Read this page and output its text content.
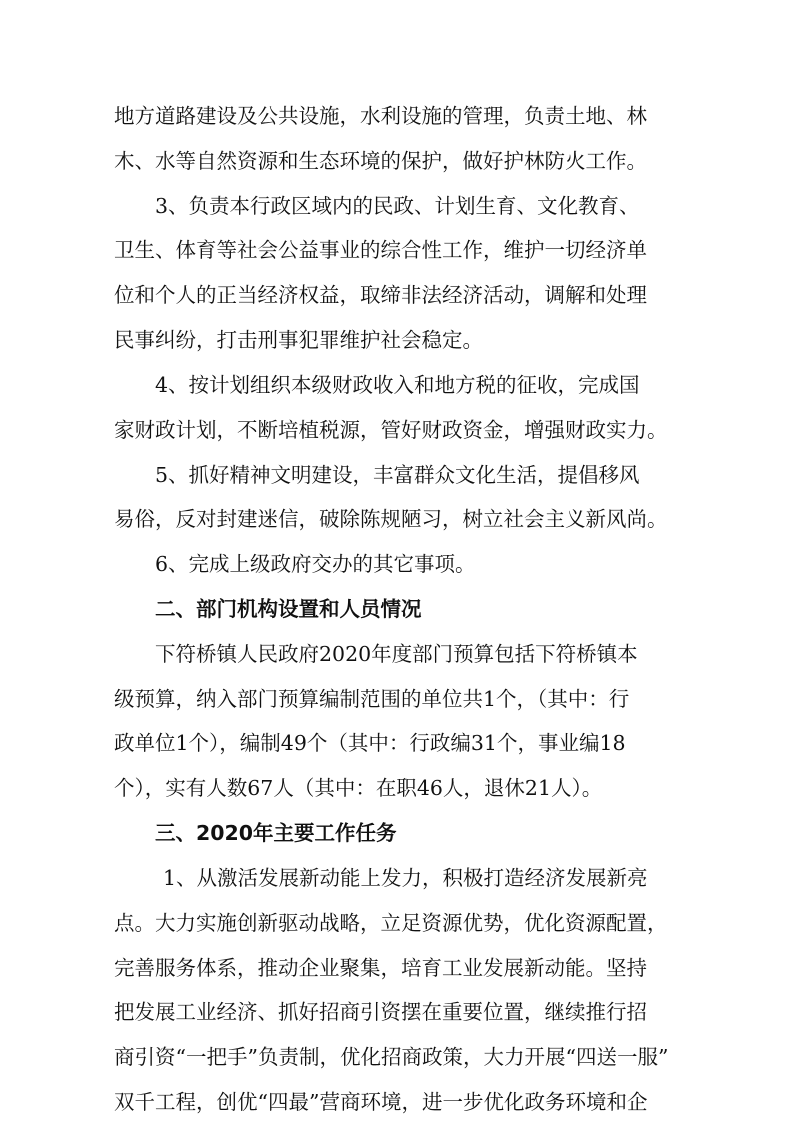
地方道路建设及公共设施，水利设施的管理，负责土地、林
木、水等自然资源和生态环境的保护，做好护林防火工作。
3、负责本行政区域内的民政、计划生育、文化教育、
卫生、体育等社会公益事业的综合性工作，维护一切经济单
位和个人的正当经济权益，取缔非法经济活动，调解和处理
民事纠纷，打击刑事犯罪维护社会稳定。
4、按计划组织本级财政收入和地方税的征收，完成国
家财政计划，不断培植税源，管好财政资金，增强财政实力。
5、抓好精神文明建设，丰富群众文化生活，提倡移风
易俗，反对封建迷信，破除陈规陋习，树立社会主义新风尚。
6、完成上级政府交办的其它事项。
二、部门机构设置和人员情况
下符桥镇人民政府2020年度部门预算包括下符桥镇本
级预算，纳入部门预算编制范围的单位共1个，（其中：行
政单位1个），编制49个（其中：行政编31个，事业编18
个），实有人数67人（其中：在职46人，退休21人）。
三、2020年主要工作任务
1、从激活发展新动能上发力，积极打造经济发展新亮
点。大力实施创新驱动战略，立足资源优势，优化资源配置，
完善服务体系，推动企业聚集，培育工业发展新动能。坚持
把发展工业经济、抓好招商引资摆在重要位置，继续推行招
商引资“一把手”负责制，优化招商政策，大力开展“四送一服”
双千工程，创优“四最”营商环境，进一步优化政务环境和企
